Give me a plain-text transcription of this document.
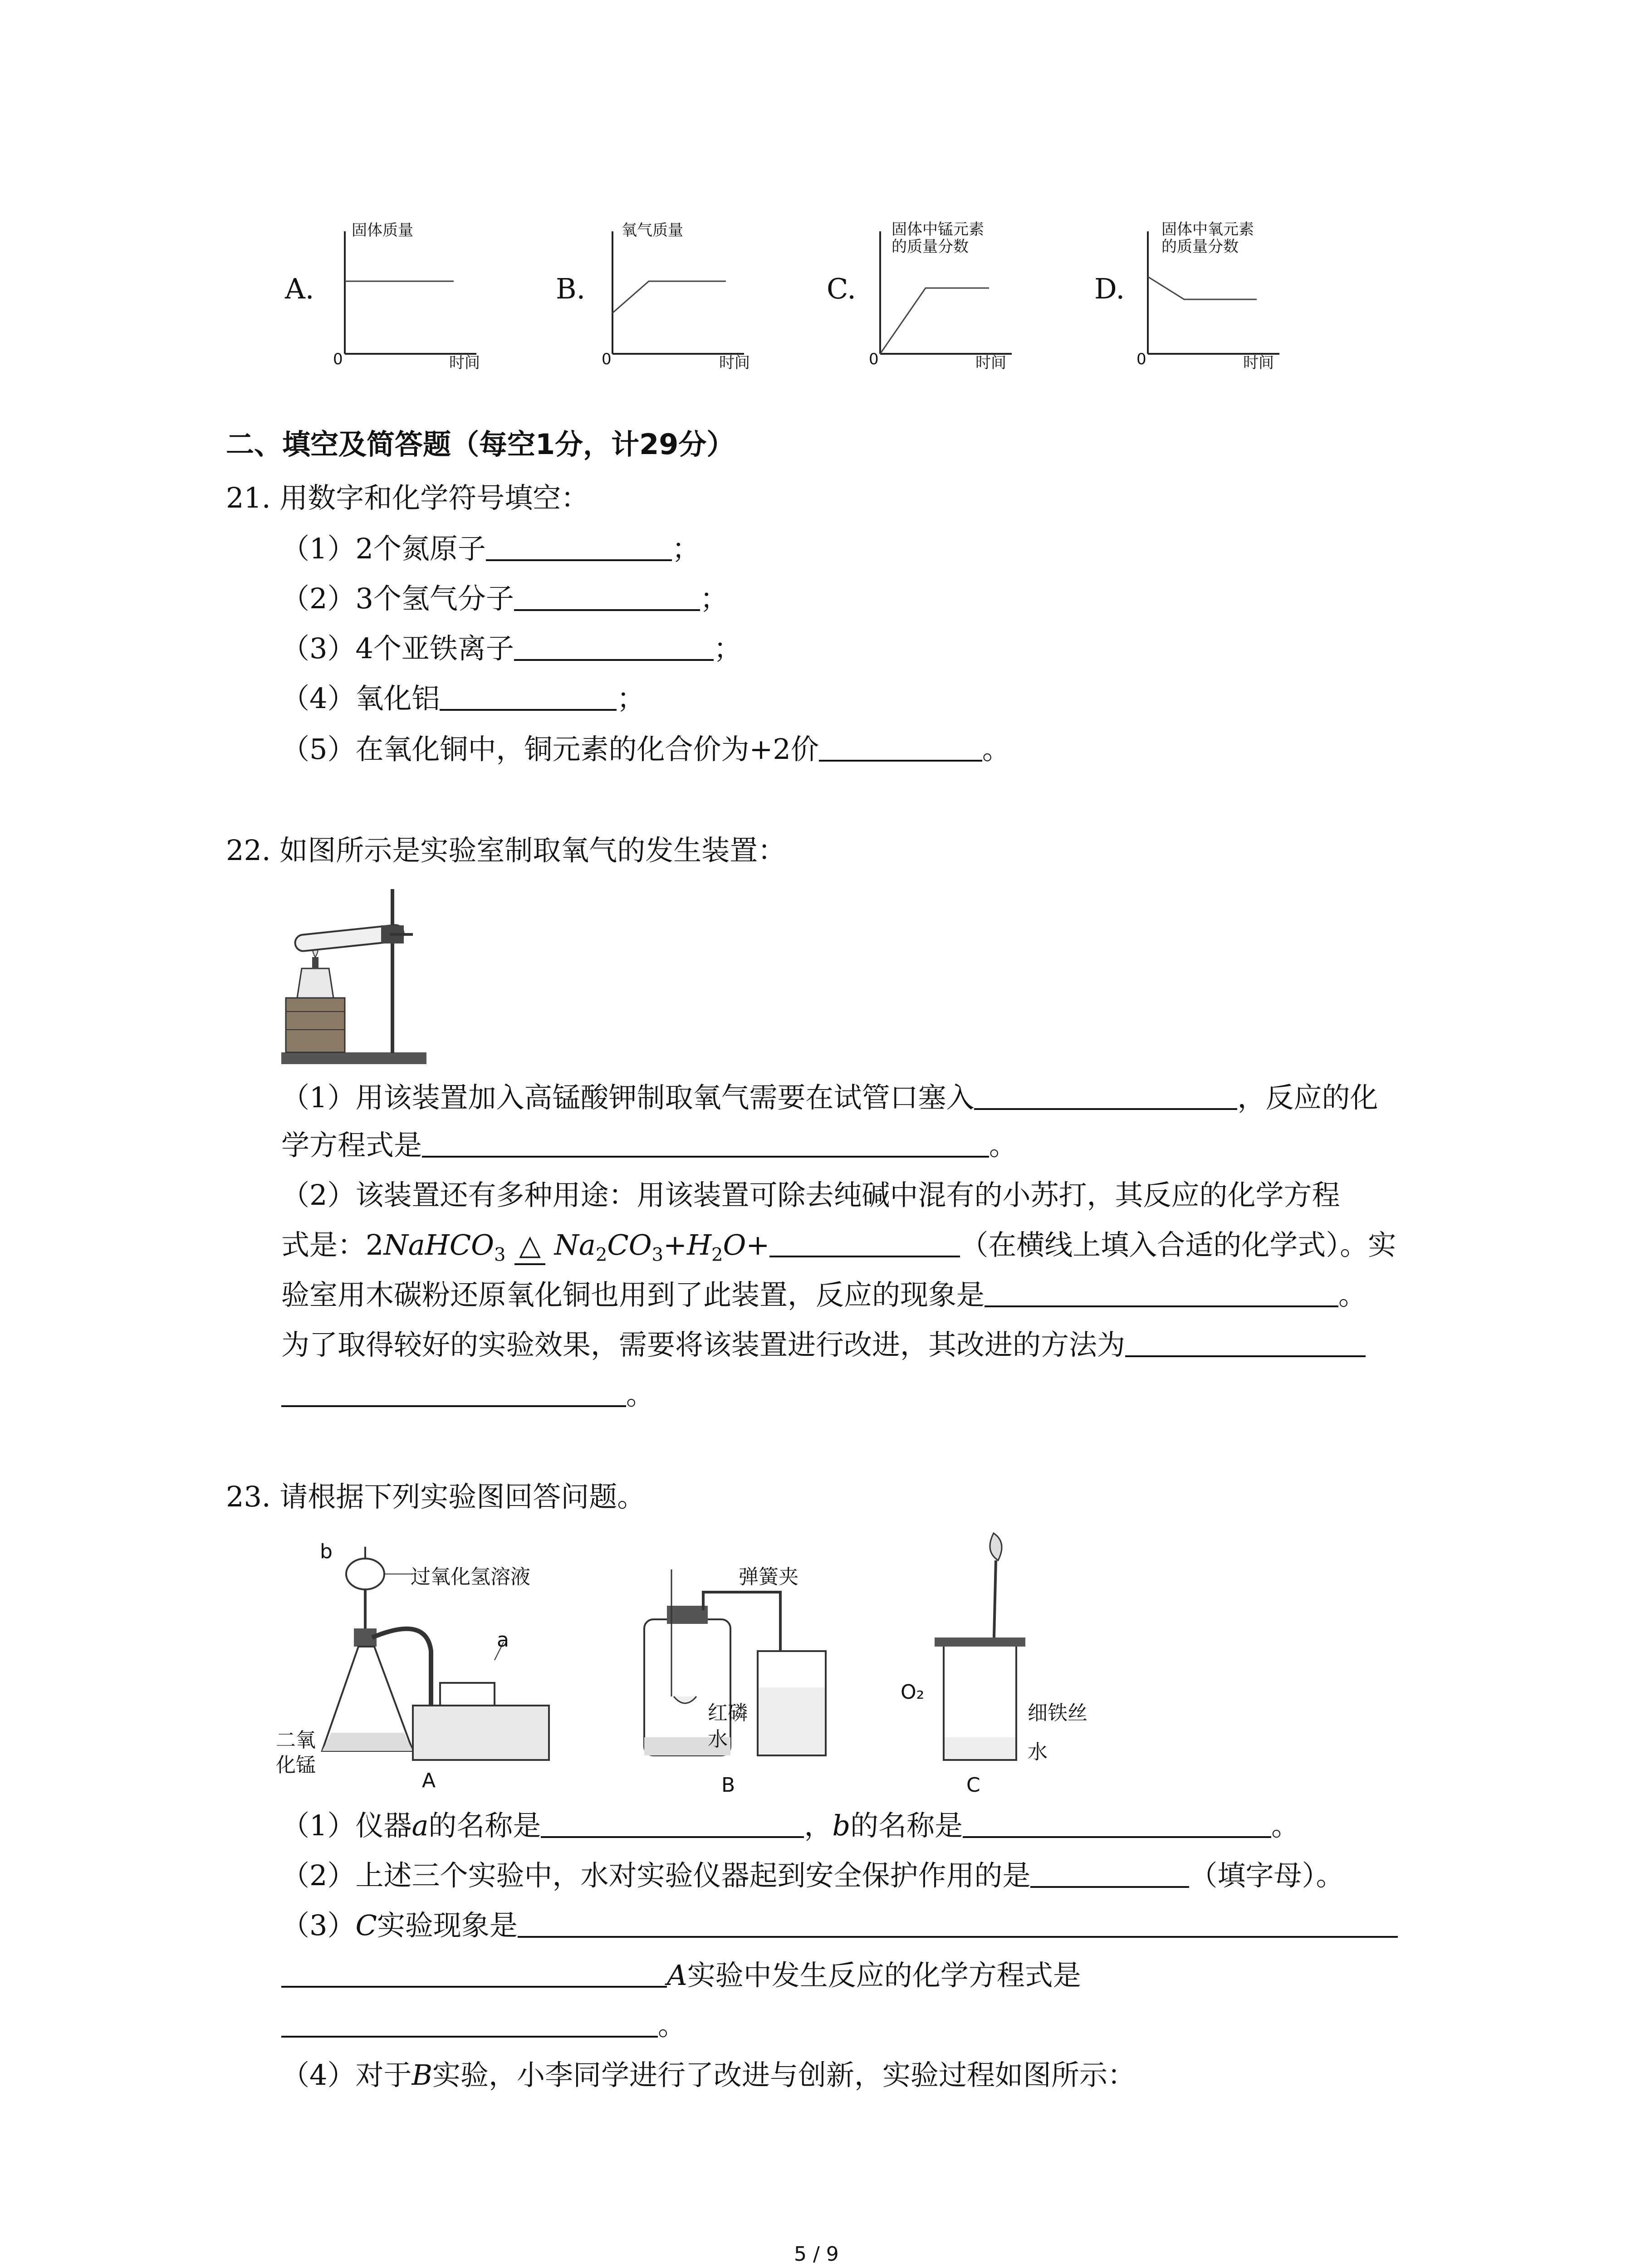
A.
固体质量
0	时间
B.
氧气质量
0	时间
C.
固体中锰元素
的质量分数
0	时间
D.
固体中氧元素
的质量分数
0	时间
二、填空及简答题（每空1分，计29分）
21. 用数字和化学符号填空：
（1）2个氮原子	；
（2）3个氢气分子	；
（3）4个亚铁离子	；
（4）氧化铝	；
（5）在氧化铜中，铜元素的化合价为+2价	。
22. 如图所示是实验室制取氧气的发生装置：
（1）用该装置加入高锰酸钾制取氧气需要在试管口塞入	，反应的化
学方程式是	。
（2）该装置还有多种用途：用该装置可除去纯碱中混有的小苏打，其反应的化学方程
式是：2NaHCO$_3$ △ $Na_2CO_3+H_2O+$	（在横线上填入合适的化学式）。实
验室用木碳粉还原氧化铜也用到了此装置，反应的现象是	。
为了取得较好的实验效果，需要将该装置进行改进，其改进的方法为
。
23. 请根据下列实验图回答问题。
b
过氧化氢溶液
a
二氧
化锰
A
弹簧夹
红磷
水
B
O₂
细铁丝
水
C
（1）仪器a的名称是	，b的名称是	。
（2）上述三个实验中，水对实验仪器起到安全保护作用的是	（填字母）。
（3）C实验现象是
A实验中发生反应的化学方程式是
。
（4）对于B实验，小李同学进行了改进与创新，实验过程如图所示：
5 / 9
